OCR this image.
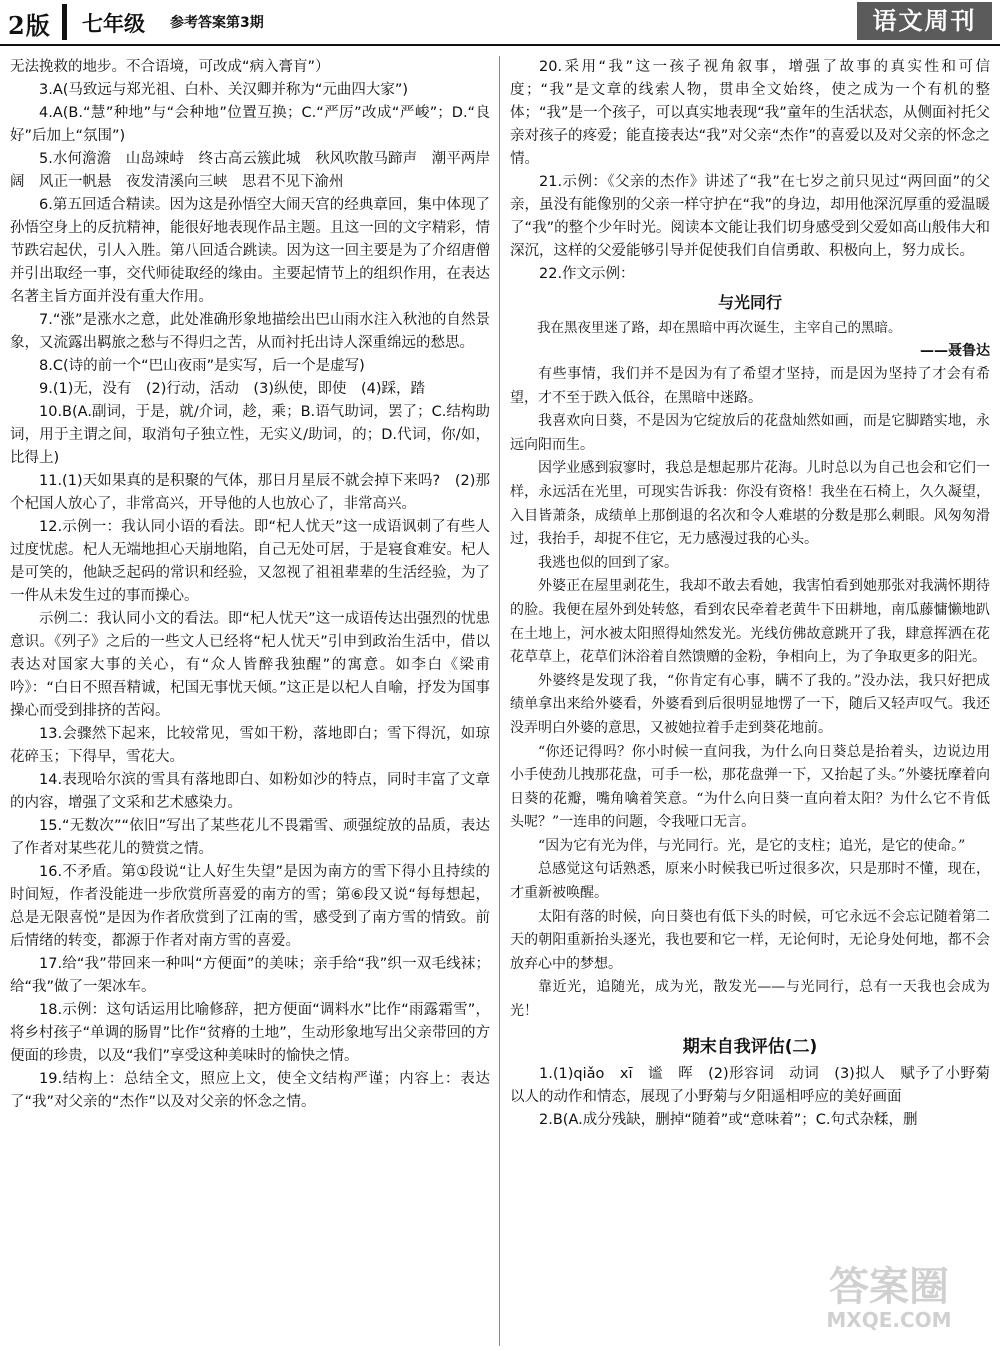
2版 七年级 参考答案第3期	语文周刊

无法挽救的地步。不合语境，可改成“病入膏肓”）

3.A(马致远与郑光祖、白朴、关汉卿并称为“元曲四大家”)

4.A(B.“慧”种地”与“会种地”位置互换；C.“严厉”改成“严峻”；D.“良好”后加上“氛围”)

5.水何澹澹　山岛竦峙　终古高云簇此城　秋风吹散马蹄声　潮平两岸阔　风正一帆悬　夜发清溪向三峡　思君不见下渝州

6.第五回适合精读。因为这是孙悟空大闹天宫的经典章回，集中体现了孙悟空身上的反抗精神，能很好地表现作品主题。且这一回的文字精彩，情节跌宕起伏，引人入胜。第八回适合跳读。因为这一回主要是为了介绍唐僧并引出取经一事，交代师徒取经的缘由。主要起情节上的组织作用，在表达名著主旨方面并没有重大作用。

7.“涨”是涨水之意，此处准确形象地描绘出巴山雨水注入秋池的自然景象，又流露出羁旅之愁与不得归之苦，从而衬托出诗人深重绵远的愁思。

8.C(诗的前一个“巴山夜雨”是实写，后一个是虚写)

9.(1)无，没有　(2)行动，活动　(3)纵使，即使　(4)踩，踏

10.B(A.副词，于是，就/介词，趁，乘；B.语气助词，罢了；C.结构助词，用于主谓之间，取消句子独立性，无实义/助词，的；D.代词，你/如，比得上)

11.(1)天如果真的是积聚的气体，那日月星辰不就会掉下来吗?　(2)那个杞国人放心了，非常高兴，开导他的人也放心了，非常高兴。

12.示例一：我认同小语的看法。即“杞人忧天”这一成语讽刺了有些人过度忧虑。杞人无端地担心天崩地陷，自己无处可居，于是寝食难安。杞人是可笑的，他缺乏起码的常识和经验，又忽视了祖祖辈辈的生活经验，为了一件从未发生过的事而操心。

示例二：我认同小文的看法。即“杞人忧天”这一成语传达出强烈的忧患意识。《列子》之后的一些文人已经将“杞人忧天”引申到政治生活中，借以表达对国家大事的关心，有“众人皆醉我独醒”的寓意。如李白《梁甫吟》：“白日不照吾精诚，杞国无事忧天倾。”这正是以杞人自喻，抒发为国事操心而受到排挤的苦闷。

13.会骤然下起来，比较常见，雪如干粉，落地即白；雪下得沉，如琼花碎玉；下得早，雪花大。

14.表现哈尔滨的雪具有落地即白、如粉如沙的特点，同时丰富了文章的内容，增强了文采和艺术感染力。

15.“无数次”“依旧”写出了某些花儿不畏霜雪、顽强绽放的品质，表达了作者对某些花儿的赞赏之情。

16.不矛盾。第①段说“让人好生失望”是因为南方的雪下得小且持续的时间短，作者没能进一步欣赏所喜爱的南方的雪；第⑥段又说“每每想起，总是无限喜悦”是因为作者欣赏到了江南的雪，感受到了南方雪的情致。前后情绪的转变，都源于作者对南方雪的喜爱。

17.给“我”带回来一种叫“方便面”的美味；亲手给“我”织一双毛线袜；给“我”做了一架冰车。

18.示例：这句话运用比喻修辞，把方便面“调料水”比作“雨露霜雪”，将乡村孩子“单调的肠胃”比作“贫瘠的土地”，生动形象地写出父亲带回的方便面的珍贵，以及“我们”享受这种美味时的愉快之情。

19.结构上：总结全文，照应上文，使全文结构严谨；内容上：表达了“我”对父亲的“杰作”以及对父亲的怀念之情。

20.采用“我”这一孩子视角叙事，增强了故事的真实性和可信度；“我”是文章的线索人物，贯串全文始终，使之成为一个有机的整体；“我”是一个孩子，可以真实地表现“我”童年的生活状态，从侧面衬托父亲对孩子的疼爱；能直接表达“我”对父亲“杰作”的喜爱以及对父亲的怀念之情。

21.示例：《父亲的杰作》讲述了“我”在七岁之前只见过“两回面”的父亲，虽没有能像别的父亲一样守护在“我”的身边，却用他深沉厚重的爱温暖了“我”的整个少年时光。阅读本文能让我们切身感受到父爱如高山般伟大和深沉，这样的父爱能够引导并促使我们自信勇敢、积极向上，努力成长。

22.作文示例：

与光同行

我在黑夜里迷了路，却在黑暗中再次诞生，主宰自己的黑暗。

——聂鲁达

有些事情，我们并不是因为有了希望才坚持，而是因为坚持了才会有希望，才不至于跌入低谷，在黑暗中迷路。

我喜欢向日葵，不是因为它绽放后的花盘灿然如画，而是它脚踏实地，永远向阳而生。

因学业感到寂寥时，我总是想起那片花海。儿时总以为自己也会和它们一样，永远活在光里，可现实告诉我：你没有资格！我坐在石椅上，久久凝望，入目皆萧条，成绩单上那倒退的名次和令人难堪的分数是那么刺眼。风匆匆滑过，我抬手，却捉不住它，无力感漫过我的心头。

我逃也似的回到了家。

外婆正在屋里剥花生，我却不敢去看她，我害怕看到她那张对我满怀期待的脸。我便在屋外到处转悠，看到农民牵着老黄牛下田耕地，南瓜藤慵懒地趴在土地上，河水被太阳照得灿然发光。光线仿佛故意跳开了我，肆意挥洒在花花草草上，花草们沐浴着自然馈赠的金粉，争相向上，为了争取更多的阳光。

外婆终是发现了我，“你肯定有心事，瞒不了我的。”没办法，我只好把成绩单拿出来给外婆看，外婆看到后很明显地愣了一下，随后又轻声叹气。我还没弄明白外婆的意思，又被她拉着手走到葵花地前。

“你还记得吗？你小时候一直问我，为什么向日葵总是抬着头，边说边用小手使劲儿拽那花盘，可手一松，那花盘弹一下，又抬起了头。”外婆抚摩着向日葵的花瓣，嘴角噙着笑意。“为什么向日葵一直向着太阳？为什么它不肯低头呢？”一连串的问题，令我哑口无言。

“因为它有光为伴，与光同行。光，是它的支柱；追光，是它的使命。”

总感觉这句话熟悉，原来小时候我已听过很多次，只是那时不懂，现在，才重新被唤醒。

太阳有落的时候，向日葵也有低下头的时候，可它永远不会忘记随着第二天的朝阳重新抬头逐光，我也要和它一样，无论何时，无论身处何地，都不会放弃心中的梦想。

靠近光，追随光，成为光，散发光——与光同行，总有一天我也会成为光！

期末自我评估(二)

1.(1)qiǎo　xī　谧　晖　(2)形容词　动词　(3)拟人　赋予了小野菊以人的动作和情态，展现了小野菊与夕阳遥相呼应的美好画面

2.B(A.成分残缺，删掉“随着”或“意味着”；C.句式杂糅，删

答案圈
MXQE.COM
